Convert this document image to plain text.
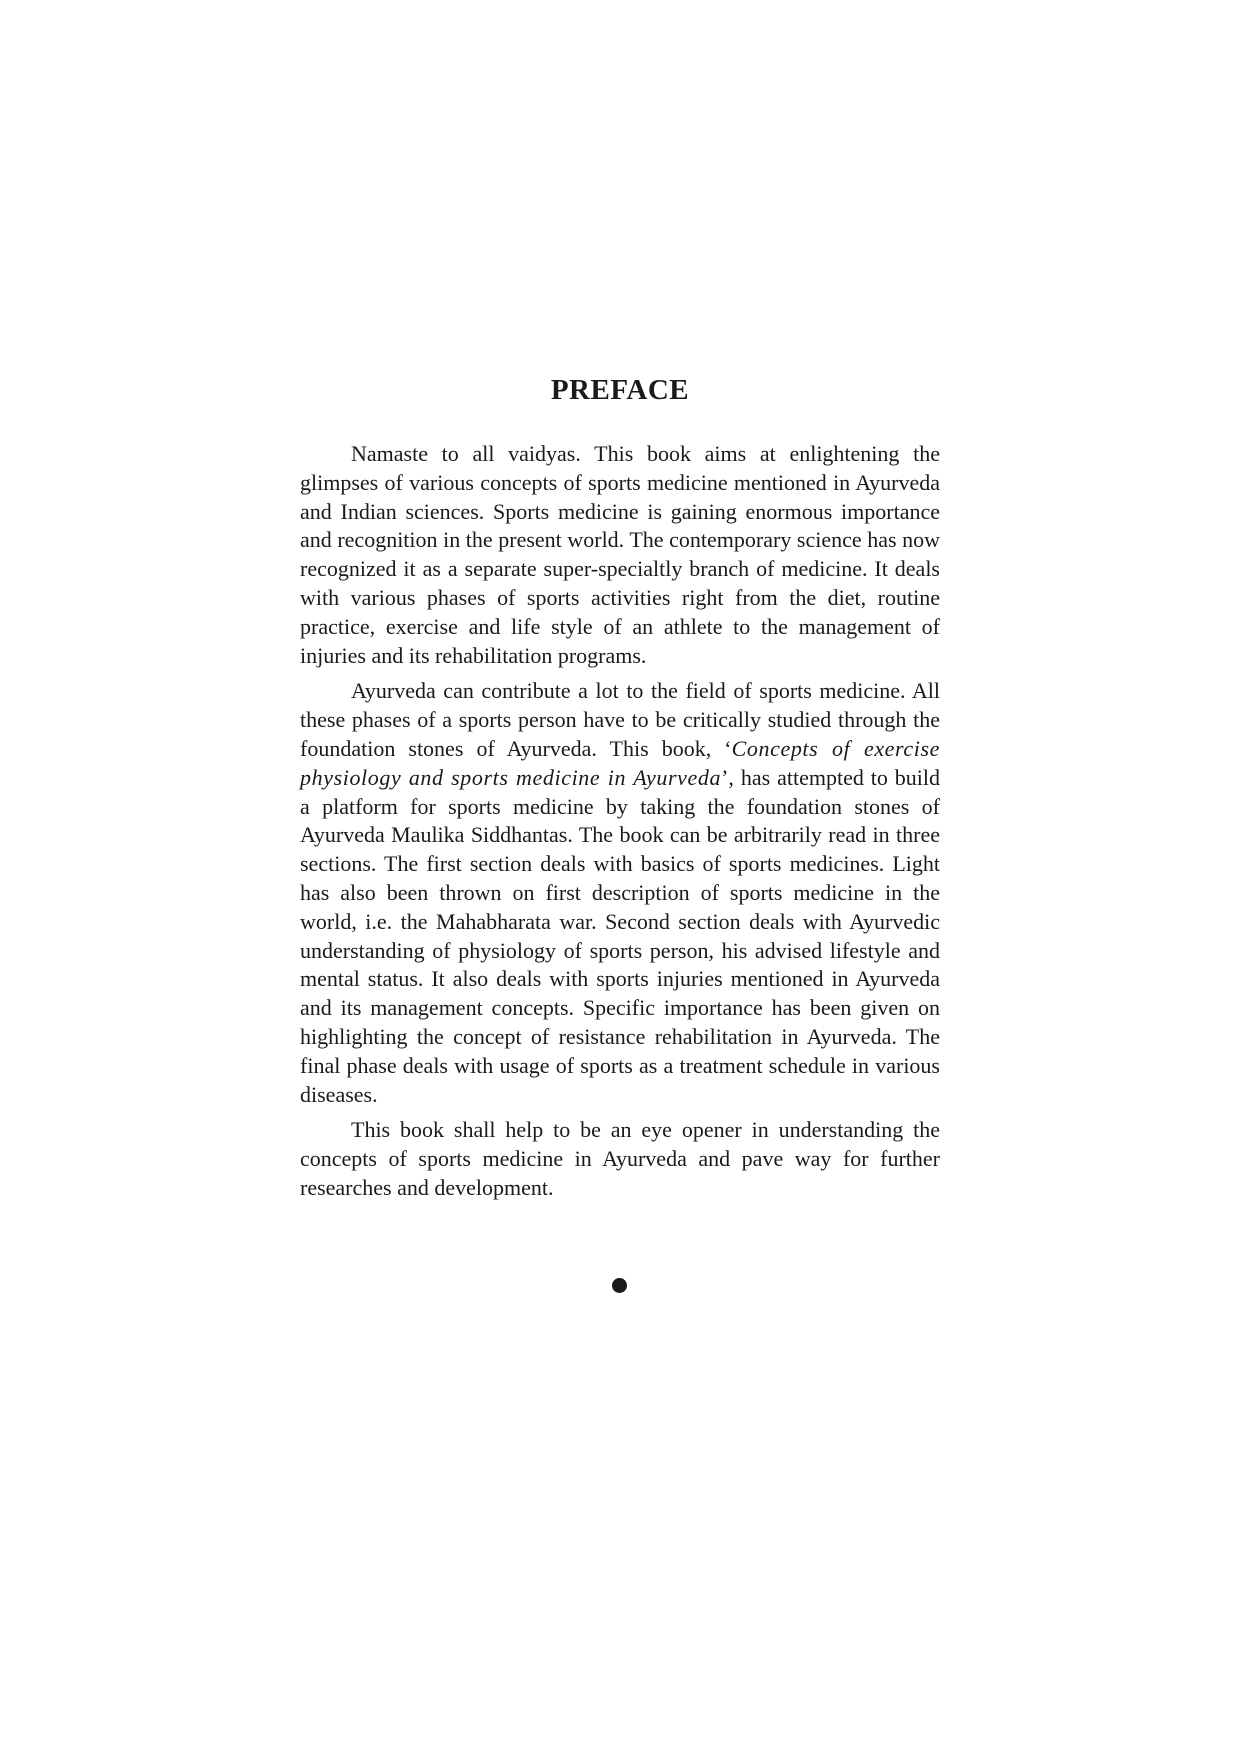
PREFACE

Namaste to all vaidyas. This book aims at enlightening the glimpses of various concepts of sports medicine mentioned in Ayurveda and Indian sciences. Sports medicine is gaining enormous importance and recognition in the present world. The contemporary science has now recognized it as a separate super-specialtly branch of medicine. It deals with various phases of sports activities right from the diet, routine practice, exercise and life style of an athlete to the management of injuries and its rehabilitation programs.

Ayurveda can contribute a lot to the field of sports medicine. All these phases of a sports person have to be critically studied through the foundation stones of Ayurveda. This book, ‘Concepts of exercise physiology and sports medicine in Ayurveda’, has attempted to build a platform for sports medicine by taking the foundation stones of Ayurveda Maulika Siddhantas. The book can be arbitrarily read in three sections. The first section deals with basics of sports medicines. Light has also been thrown on first description of sports medicine in the world, i.e. the Mahabharata war. Second section deals with Ayurvedic understanding of physiology of sports person, his advised lifestyle and mental status. It also deals with sports injuries mentioned in Ayurveda and its management concepts. Specific importance has been given on highlighting the concept of resistance rehabilitation in Ayurveda. The final phase deals with usage of sports as a treatment schedule in various diseases.

This book shall help to be an eye opener in understanding the concepts of sports medicine in Ayurveda and pave way for further researches and development.
